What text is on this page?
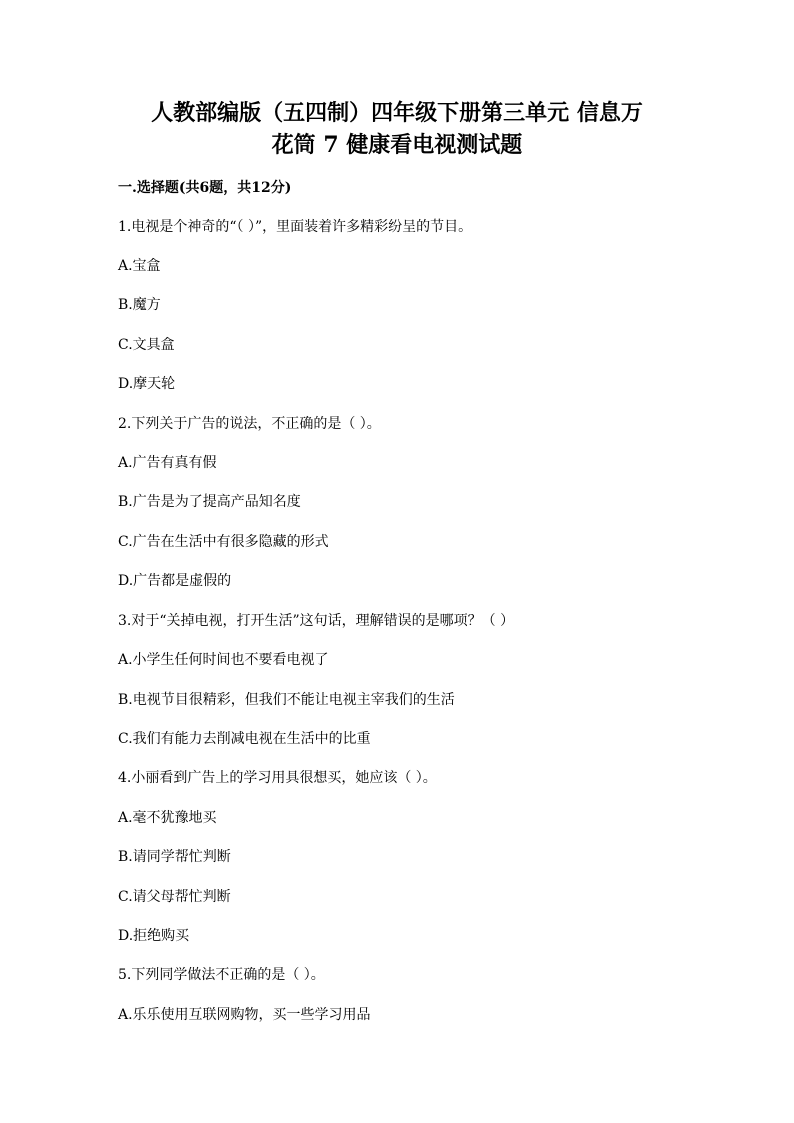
人教部编版（五四制）四年级下册第三单元 信息万
花筒 7 健康看电视测试题
一.选择题(共6题，共12分)
1.电视是个神奇的“（ ）”，里面装着许多精彩纷呈的节目。
A.宝盒
B.魔方
C.文具盒
D.摩天轮
2.下列关于广告的说法，不正确的是（ ）。
A.广告有真有假
B.广告是为了提高产品知名度
C.广告在生活中有很多隐藏的形式
D.广告都是虚假的
3.对于“关掉电视，打开生活”这句话，理解错误的是哪项？（ ）
A.小学生任何时间也不要看电视了
B.电视节目很精彩，但我们不能让电视主宰我们的生活
C.我们有能力去削减电视在生活中的比重
4.小丽看到广告上的学习用具很想买，她应该（ ）。
A.毫不犹豫地买
B.请同学帮忙判断
C.请父母帮忙判断
D.拒绝购买
5.下列同学做法不正确的是（ ）。
A.乐乐使用互联网购物，买一些学习用品
